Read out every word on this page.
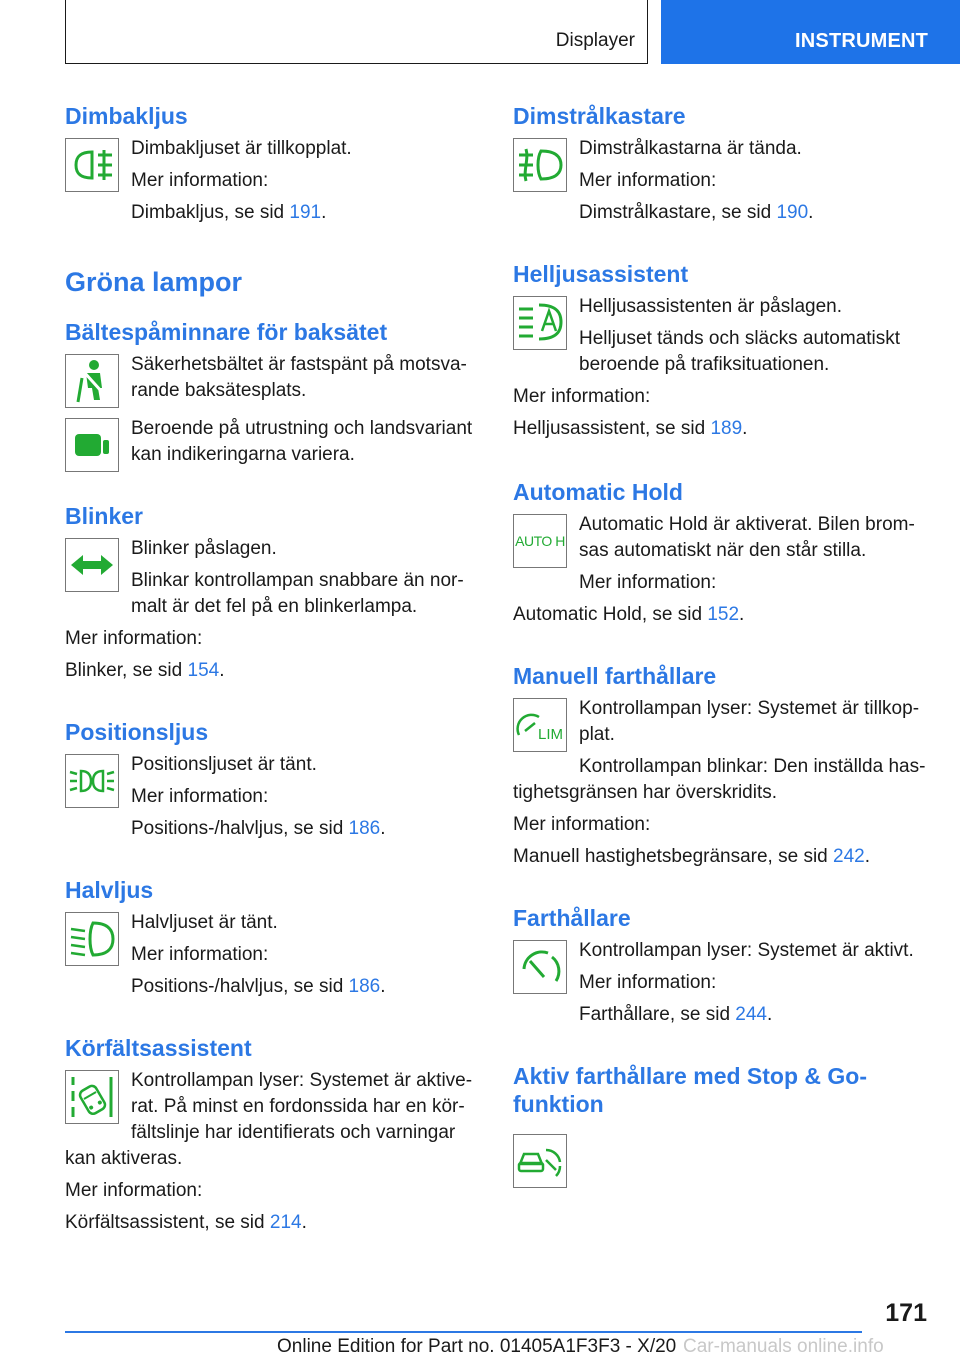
Displayer	INSTRUMENT
Dimbakljus

Dimbakljuset är tillkopplat.

Mer information:

Dimbakljus, se sid 191.

Gröna lampor
Bältespåminnare för baksätet

Säkerhetsbältet är fastspänt på motsva-

rande baksätesplats.

Beroende på utrustning och landsvariant

kan indikeringarna variera.

Blinker

Blinker påslagen.

Blinkar kontrollampan snabbare än nor-

malt är det fel på en blinkerlampa.

Mer information:

Blinker, se sid 154.

Positionsljus

Positionsljuset är tänt.

Mer information:

Positions-/halvljus, se sid 186.

Halvljus

Halvljuset är tänt.

Mer information:

Positions-/halvljus, se sid 186.

Körfältsassistent

Kontrollampan lyser: Systemet är aktive-

rat. På minst en fordonssida har en kör-

fältslinje har identifierats och varningar

kan aktiveras.

Mer information:

Körfältsassistent, se sid 214.

Dimstrålkastare

Dimstrålkastarna är tända.

Mer information:

Dimstrålkastare, se sid 190.

Helljusassistent

Helljusassistenten är påslagen.

Helljuset tänds och släcks automatiskt

beroende på trafiksituationen.

Mer information:

Helljusassistent, se sid 189.

Automatic Hold
AUTO H

Automatic Hold är aktiverat. Bilen brom-

sas automatiskt när den står stilla.

Mer information:

Automatic Hold, se sid 152.

Manuell farthållare
LIM

Kontrollampan lyser: Systemet är tillkop-

plat.

Kontrollampan blinkar: Den inställda has-

tighetsgränsen har överskridits.

Mer information:

Manuell hastighetsbegränsare, se sid 242.

Farthållare

Kontrollampan lyser: Systemet är aktivt.

Mer information:

Farthållare, se sid 244.

Aktiv farthållare med Stop & Go-
funktion
171
Online Edition for Part no. 01405A1F3F3 - X/20 Car-manuals online.info
